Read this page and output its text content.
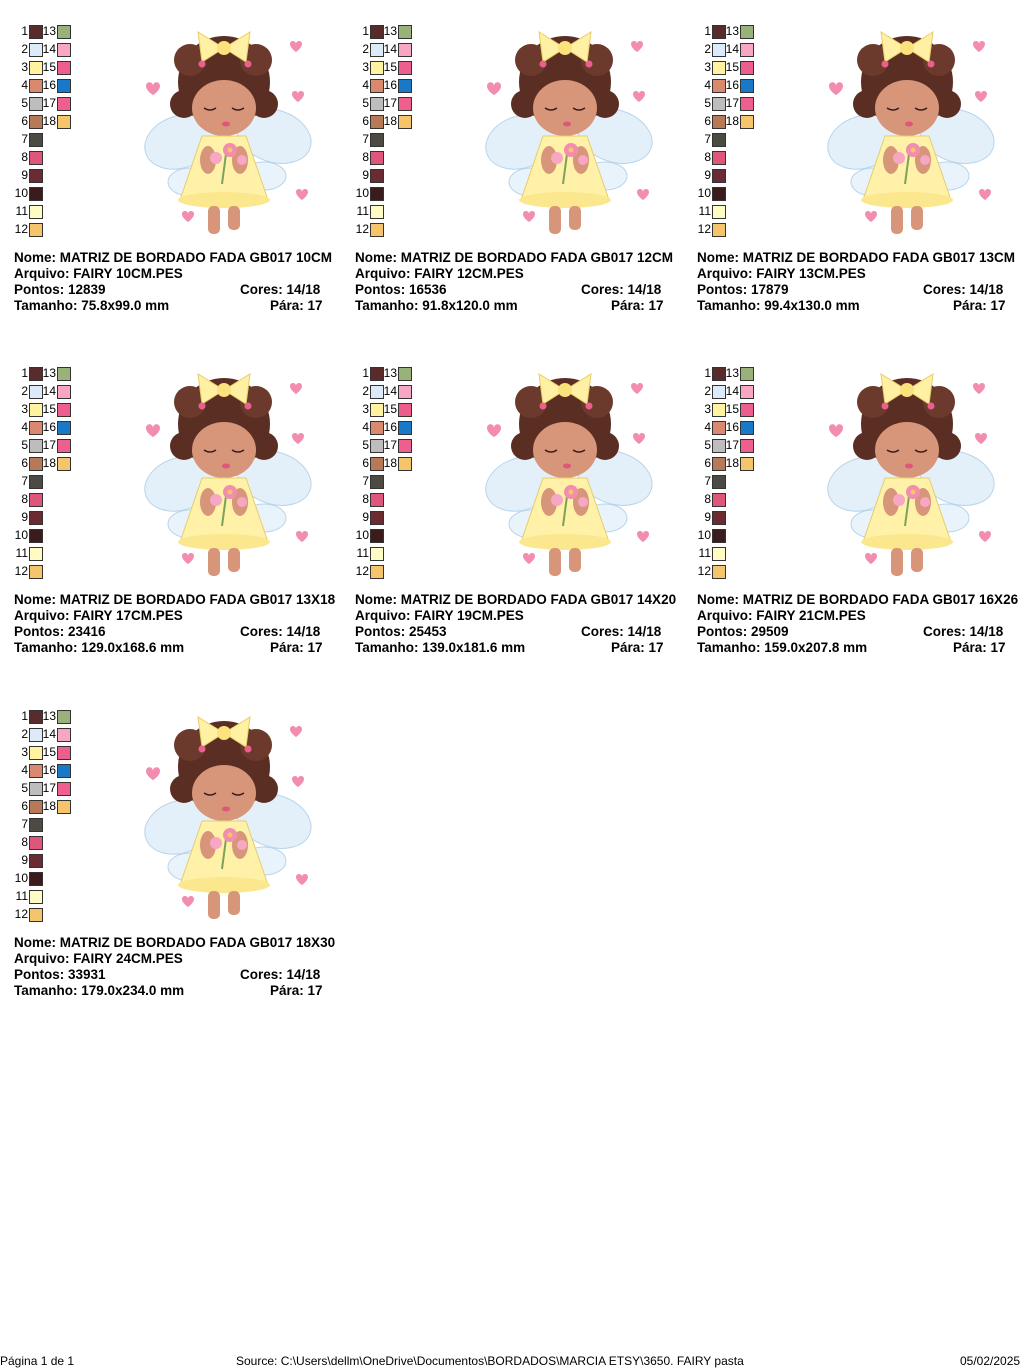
1 13
2 14
3 15
4 16
5 17
6 18
7
8
9
10
11
12
Nome: MATRIZ DE BORDADO FADA GB017 10CM
Arquivo: FAIRY 10CM.PES
Pontos: 12839	Cores: 14/18
Tamanho: 75.8x99.0 mm	Pára: 17
1 13
2 14
3 15
4 16
5 17
6 18
7
8
9
10
11
12
Nome: MATRIZ DE BORDADO FADA GB017 12CM
Arquivo: FAIRY 12CM.PES
Pontos: 16536	Cores: 14/18
Tamanho: 91.8x120.0 mm	Pára: 17
1 13
2 14
3 15
4 16
5 17
6 18
7
8
9
10
11
12
Nome: MATRIZ DE BORDADO FADA GB017 13CM
Arquivo: FAIRY 13CM.PES
Pontos: 17879	Cores: 14/18
Tamanho: 99.4x130.0 mm	Pára: 17
1 13
2 14
3 15
4 16
5 17
6 18
7
8
9
10
11
12
Nome: MATRIZ DE BORDADO FADA GB017 13X18
Arquivo: FAIRY 17CM.PES
Pontos: 23416	Cores: 14/18
Tamanho: 129.0x168.6 mm	Pára: 17
1 13
2 14
3 15
4 16
5 17
6 18
7
8
9
10
11
12
Nome: MATRIZ DE BORDADO FADA GB017 14X20
Arquivo: FAIRY 19CM.PES
Pontos: 25453	Cores: 14/18
Tamanho: 139.0x181.6 mm	Pára: 17
1 13
2 14
3 15
4 16
5 17
6 18
7
8
9
10
11
12
Nome: MATRIZ DE BORDADO FADA GB017 16X26
Arquivo: FAIRY 21CM.PES
Pontos: 29509	Cores: 14/18
Tamanho: 159.0x207.8 mm	Pára: 17
1 13
2 14
3 15
4 16
5 17
6 18
7
8
9
10
11
12
Nome: MATRIZ DE BORDADO FADA GB017 18X30
Arquivo: FAIRY 24CM.PES
Pontos: 33931	Cores: 14/18
Tamanho: 179.0x234.0 mm	Pára: 17
Página 1 de 1	Source: C:\Users\dellm\OneDrive\Documentos\BORDADOS\MARCIA ETSY\3650. FAIRY pasta	05/02/2025
